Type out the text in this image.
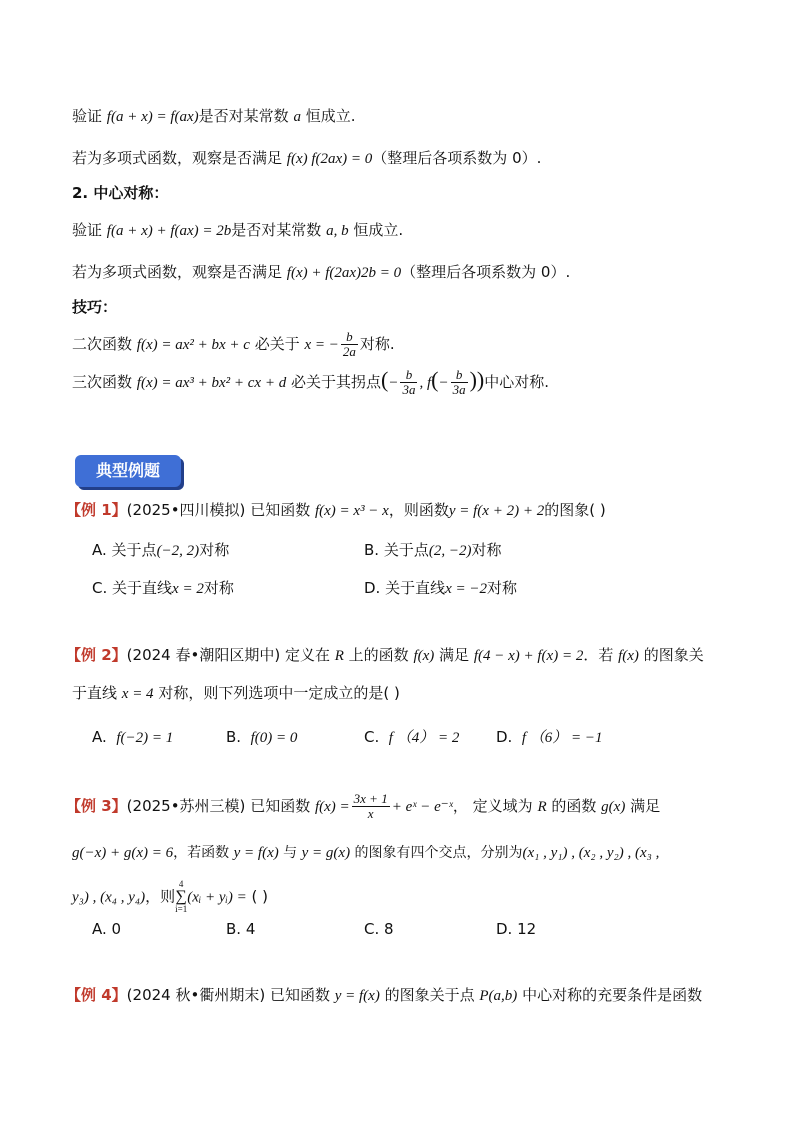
验证 f(a + x) = f(ax)是否对某常数 a 恒成立.
若为多项式函数，观察是否满足 f(x) f(2ax) = 0（整理后各项系数为 0）.
2. 中心对称：
验证 f(a + x) + f(ax) = 2b是否对某常数 a, b 恒成立.
若为多项式函数，观察是否满足 f(x) + f(2ax)2b = 0（整理后各项系数为 0）.
技巧：
二次函数 f(x) = ax² + bx + c 必关于 x = − $\frac{b}{2a}$ 对称.
三次函数 f(x) = ax³ + bx² + cx + d 必关于其拐点(− $\frac{b}{3a}$ , $f(- \frac{b}{3a}$ ))中心对称.
典型例题
【例 1】(2025•四川模拟) 已知函数 f(x) = x³ − x，则函数y = f(x + 2) + 2的图象( )
A. 关于点(−2, 2)对称	B. 关于点(2, −2)对称
C. 关于直线x = 2对称	D. 关于直线x = −2对称
【例 2】(2024 春•潮阳区期中) 定义在 R 上的函数 f(x) 满足 f(4 − x) + f(x) = 2．若 f(x) 的图象关
于直线 x = 4 对称，则下列选项中一定成立的是( )
A. f(−2) = 1	B. f(0) = 0	C. f （4） = 2 D. f （6） = −1
【例 3】(2025•苏州三模) 已知函数 $f(x) = \frac{3x + 1}{x}$ + eˣ − e⁻ˣ， 定义域为 R 的函数 g(x) 满足
g(−x) + g(x) = 6，若函数 y = f(x) 与 y = g(x) 的图象有四个交点，分别为(x₁ , y₁) , (x₂ , y₂) , (x₃ ,
y₃) , (x₄ , y₄)，则4
∑
i=1(xᵢ + yᵢ) = ( )
A. 0	B. 4	C. 8	D. 12
【例 4】(2024 秋•衢州期末) 已知函数 y = f(x) 的图象关于点 P(a,b) 中心对称的充要条件是函数
